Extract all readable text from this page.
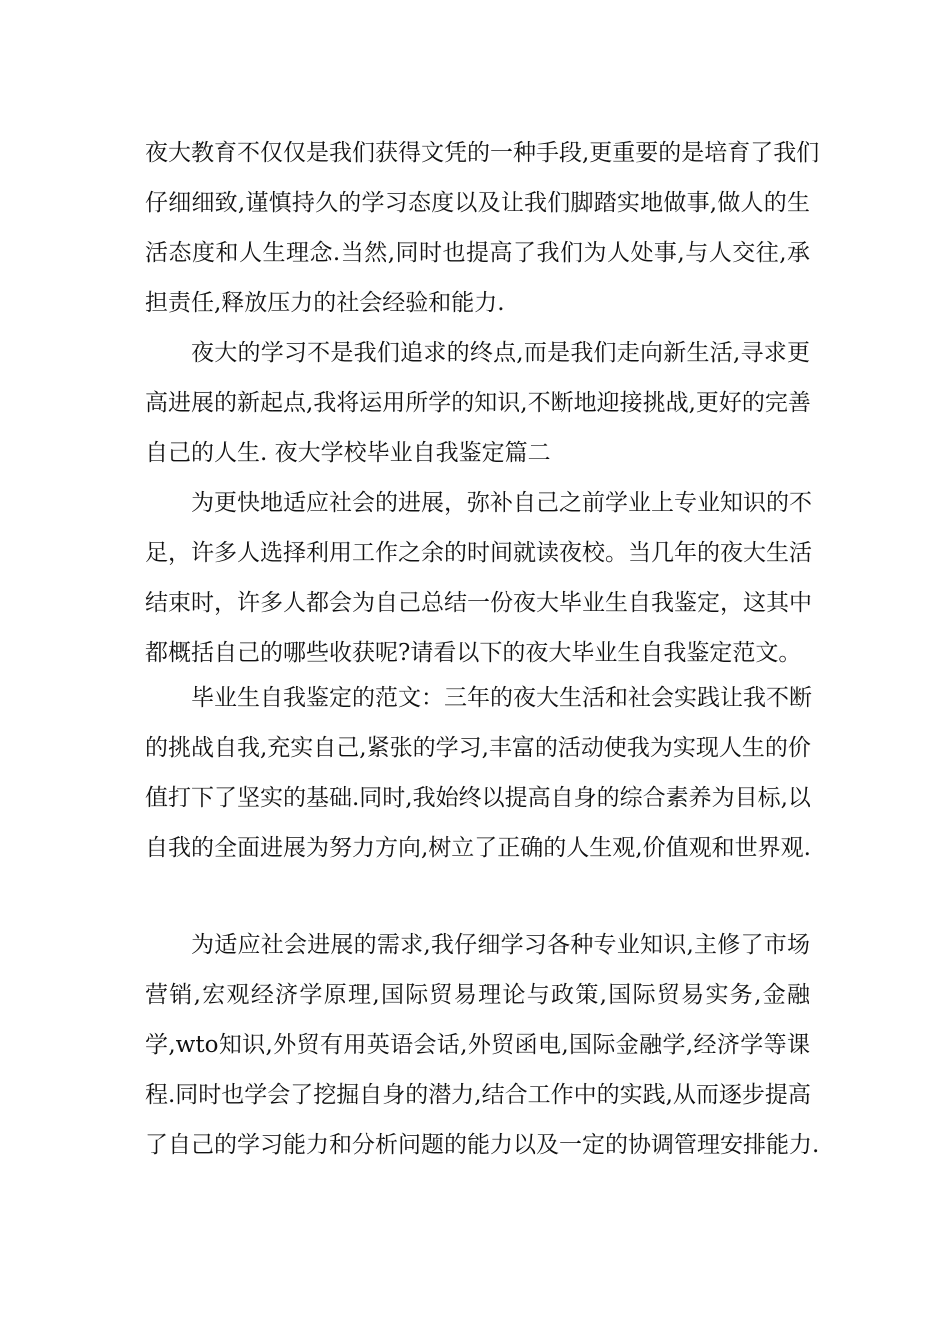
夜大教育不仅仅是我们获得文凭的一种手段,更重要的是培育了我们
仔细细致,谨慎持久的学习态度以及让我们脚踏实地做事,做人的生
活态度和人生理念.当然,同时也提高了我们为人处事,与人交往,承
担责任,释放压力的社会经验和能力.
夜大的学习不是我们追求的终点,而是我们走向新生活,寻求更
高进展的新起点,我将运用所学的知识,不断地迎接挑战,更好的完善
自己的人生. 夜大学校毕业自我鉴定篇二
为更快地适应社会的进展，弥补自己之前学业上专业知识的不
足，许多人选择利用工作之余的时间就读夜校。当几年的夜大生活
结束时，许多人都会为自己总结一份夜大毕业生自我鉴定，这其中
都概括自己的哪些收获呢?请看以下的夜大毕业生自我鉴定范文。
毕业生自我鉴定的范文：三年的夜大生活和社会实践让我不断
的挑战自我,充实自己,紧张的学习,丰富的活动使我为实现人生的价
值打下了坚实的基础.同时,我始终以提高自身的综合素养为目标,以
自我的全面进展为努力方向,树立了正确的人生观,价值观和世界观.
为适应社会进展的需求,我仔细学习各种专业知识,主修了市场
营销,宏观经济学原理,国际贸易理论与政策,国际贸易实务,金融
学,wto知识,外贸有用英语会话,外贸函电,国际金融学,经济学等课
程.同时也学会了挖掘自身的潜力,结合工作中的实践,从而逐步提高
了自己的学习能力和分析问题的能力以及一定的协调管理安排能力.
